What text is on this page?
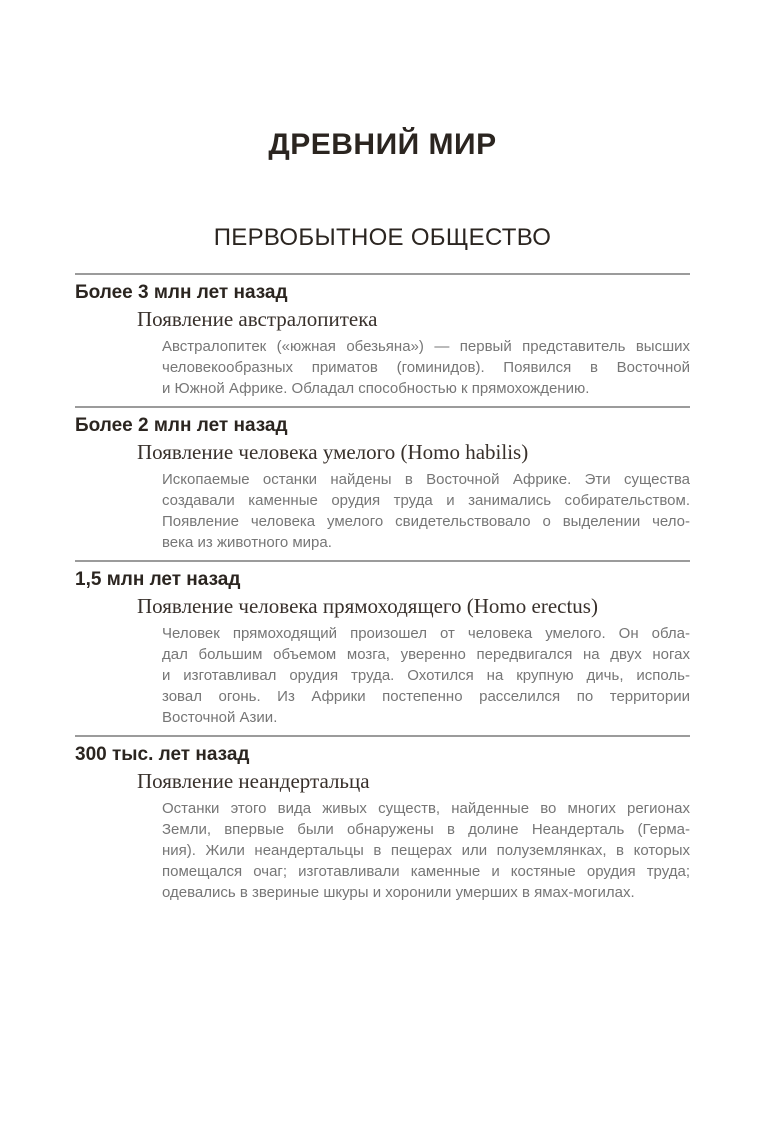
ДРЕВНИЙ МИР
ПЕРВОБЫТНОЕ ОБЩЕСТВО
Более 3 млн лет назад
Появление австралопитека
Австралопитек («южная обезьяна») — первый представитель высших
человекообразных приматов (гоминидов). Появился в Восточной
и Южной Африке. Обладал способностью к прямохождению.
Более 2 млн лет назад
Появление человека умелого (Homo habilis)
Ископаемые останки найдены в Восточной Африке. Эти существа
создавали каменные орудия труда и занимались собирательством.
Появление человека умелого свидетельствовало о выделении чело-
века из животного мира.
1,5 млн лет назад
Появление человека прямоходящего (Homo erectus)
Человек прямоходящий произошел от человека умелого. Он обла-
дал большим объемом мозга, уверенно передвигался на двух ногах
и изготавливал орудия труда. Охотился на крупную дичь, исполь-
зовал огонь. Из Африки постепенно расселился по территории
Восточной Азии.
300 тыс. лет назад
Появление неандертальца
Останки этого вида живых существ, найденные во многих регионах
Земли, впервые были обнаружены в долине Неандерталь (Герма-
ния). Жили неандертальцы в пещерах или полуземлянках, в которых
помещался очаг; изготавливали каменные и костяные орудия труда;
одевались в звериные шкуры и хоронили умерших в ямах-могилах.
